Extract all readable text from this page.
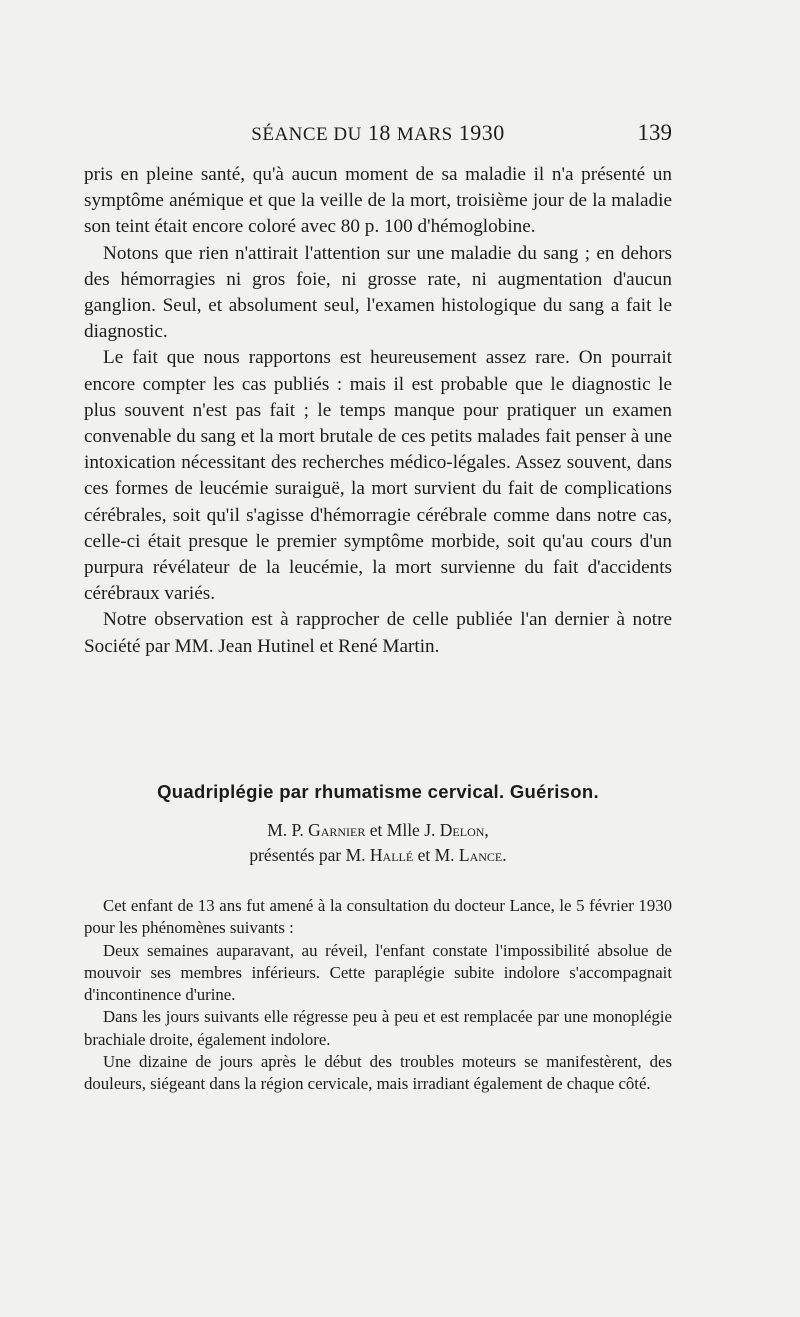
SÉANCE DU 18 MARS 1930	139

pris en pleine santé, qu'à aucun moment de sa maladie il n'a présenté un symptôme anémique et que la veille de la mort, troisième jour de la maladie son teint était encore coloré avec 80 p. 100 d'hémoglobine.

Notons que rien n'attirait l'attention sur une maladie du sang ; en dehors des hémorragies ni gros foie, ni grosse rate, ni augmentation d'aucun ganglion. Seul, et absolument seul, l'examen histologique du sang a fait le diagnostic.

Le fait que nous rapportons est heureusement assez rare. On pourrait encore compter les cas publiés : mais il est probable que le diagnostic le plus souvent n'est pas fait ; le temps manque pour pratiquer un examen convenable du sang et la mort brutale de ces petits malades fait penser à une intoxication nécessitant des recherches médico-légales. Assez souvent, dans ces formes de leucémie suraiguë, la mort survient du fait de complications cérébrales, soit qu'il s'agisse d'hémorragie cérébrale comme dans notre cas, celle-ci était presque le premier symptôme morbide, soit qu'au cours d'un purpura révélateur de la leucémie, la mort survienne du fait d'accidents cérébraux variés.

Notre observation est à rapprocher de celle publiée l'an dernier à notre Société par MM. Jean Hutinel et René Martin.

Quadriplégie par rhumatisme cervical. Guérison.
M. P. Garnier et Mlle J. Delon,
présentés par M. Hallé et M. Lance.

Cet enfant de 13 ans fut amené à la consultation du docteur Lance, le 5 février 1930 pour les phénomènes suivants :

Deux semaines auparavant, au réveil, l'enfant constate l'impossibilité absolue de mouvoir ses membres inférieurs. Cette paraplégie subite indolore s'accompagnait d'incontinence d'urine.

Dans les jours suivants elle régresse peu à peu et est remplacée par une monoplégie brachiale droite, également indolore.

Une dizaine de jours après le début des troubles moteurs se manifestèrent, des douleurs, siégeant dans la région cervicale, mais irradiant également de chaque côté.
